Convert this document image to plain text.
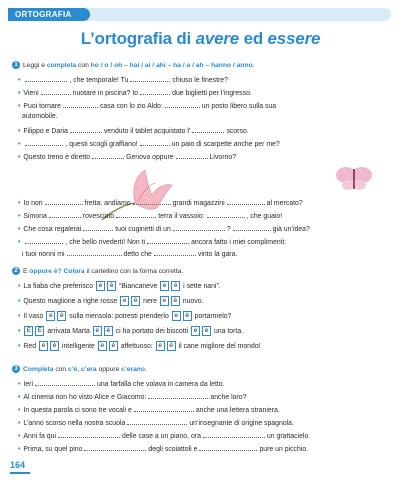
ORTOGRAFIA
L’ortografia di avere ed essere
1 Leggi e completa con ho / o / oh – hai / ai / ahi – ha / a / ah – hanno / anno.
•	, che temporale! Tu	chiuso le finestre?
• Vieni	nuotare in piscina? Io	due biglietti per l’ingresso.
• Puoi tornare	casa con lo zio Aldo:	un posto libero sulla sua
automobile.
• Filippo e Daria	venduto il tablet acquistato l’	scorso.
•	, questi scogli graffiano!	un paio di scarpette anche per me?
• Questo treno è diretto	Genova oppure	Livorno?
• Io non	fretta: andiamo	grandi magazzini	al mercato?
• Simona	rovesciato	terra il vassoio:	, che guaio!
• Che cosa regalerai	tuoi cuginetti di un	?	già un’idea?
•	, che bello rivederti! Non ti	ancora fatto i miei complimenti:
i tuoi nonni mi	detto che	vinto la gara.
2 E oppure è? Colora il cartellino con la forma corretta.
• La fiaba che preferisco e è “Biancaneve e è i sette nani”.
• Questo maglione a righe rosse e è nere e è nuovo.
• Il vaso e è sulla mensola: potresti prenderlo e è portarmelo?
• E È arrivata Marta e è ci ha portato dei biscotti e è una torta.
• Red e è intelligente e è affettuoso: e è il cane migliore del mondo!
3 Completa con c’è, c’era oppure c’erano.
• Ieri	una farfalla che volava in camera da letto.
• Al cinema non ho visto Alice e Giacomo:	anche loro?
• In questa parola ci sono tre vocali e	anche una lettera straniera.
• L’anno scorso nella nostra scuola	un’insegnante di origine spagnola.
• Anni fa qui	delle case a un piano, ora	un grattacielo.
• Prima, su quel pino	degli scoiattoli e	pure un picchio.
164
